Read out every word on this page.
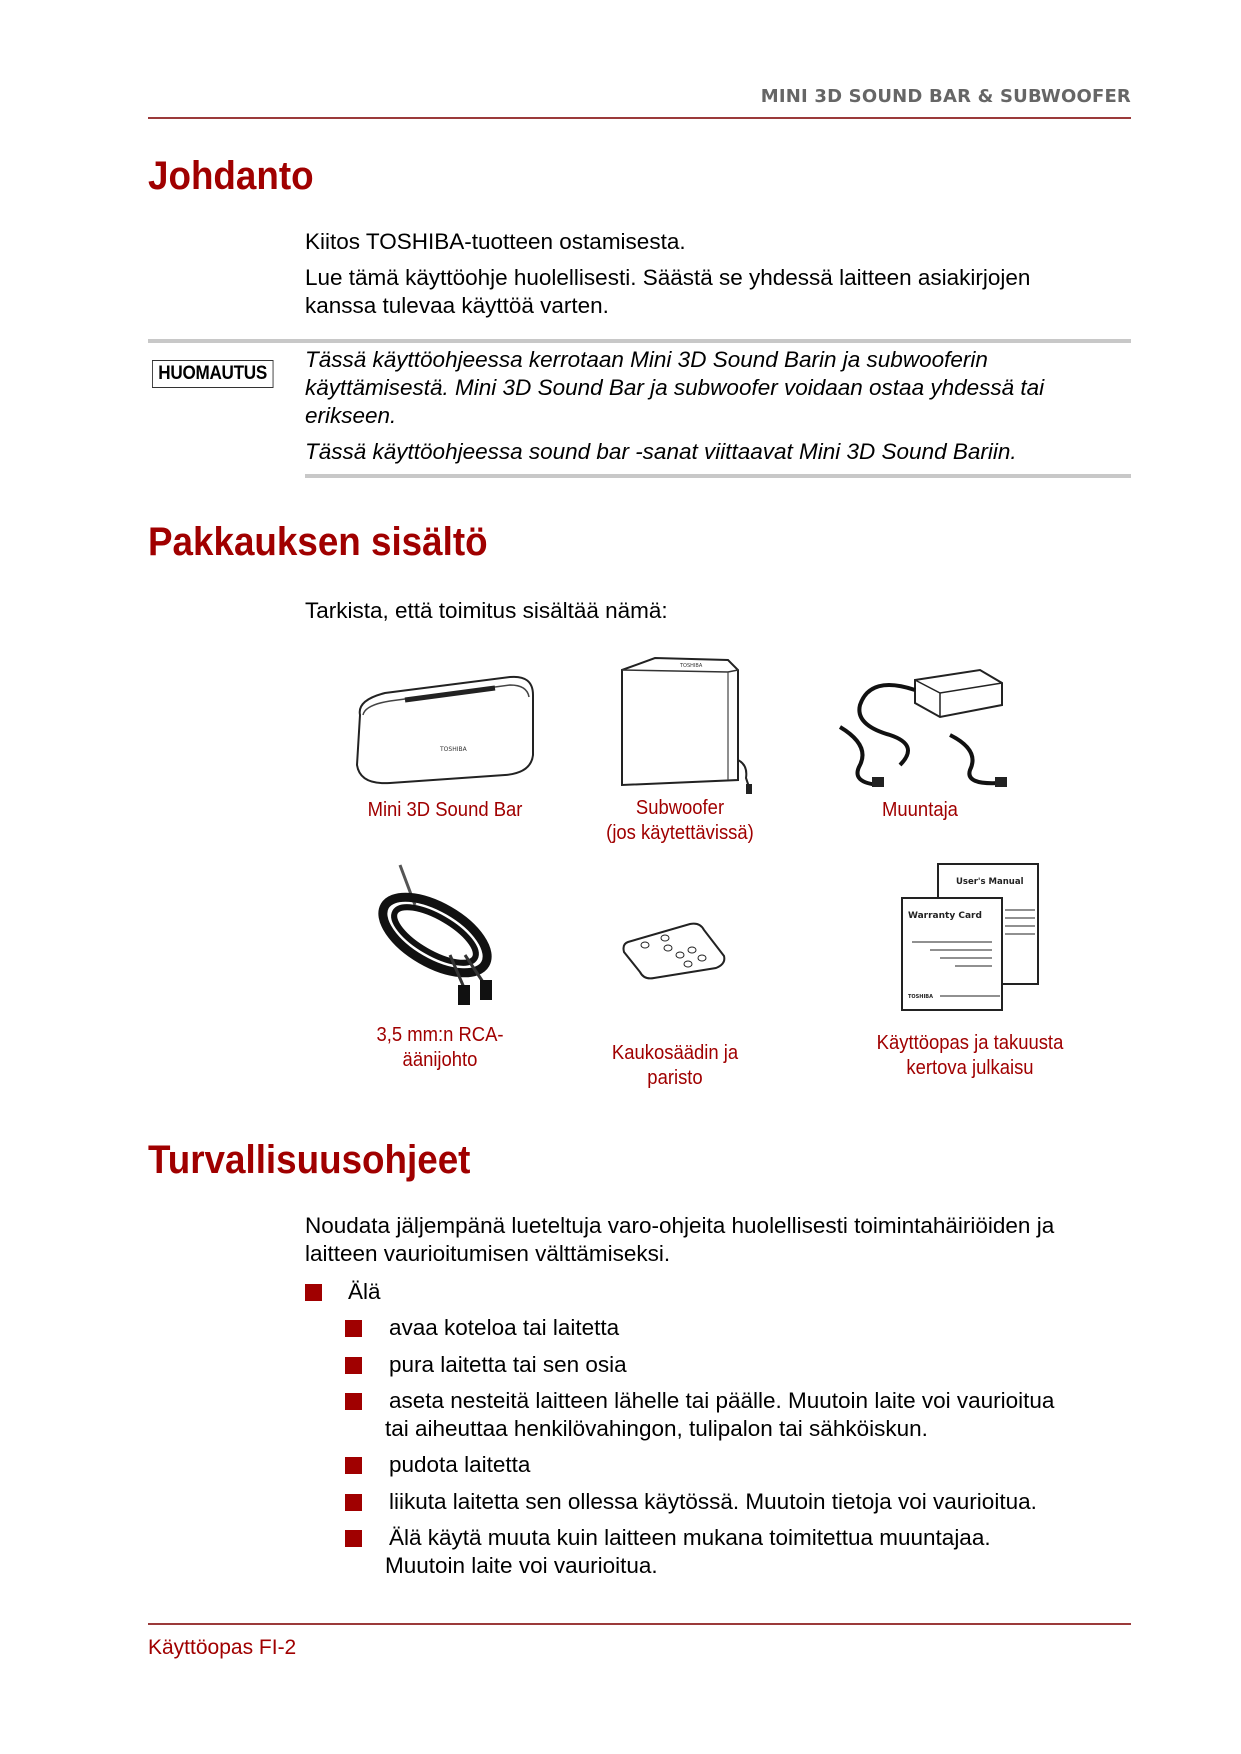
MINI 3D SOUND BAR & SUBWOOFER
Johdanto
Kiitos TOSHIBA-tuotteen ostamisesta.
Lue tämä käyttöohje huolellisesti. Säästä se yhdessä laitteen asiakirjojen
kanssa tulevaa käyttöä varten.
HUOMAUTUS
Tässä käyttöohjeessa kerrotaan Mini 3D Sound Barin ja subwooferin
käyttämisestä. Mini 3D Sound Bar ja subwoofer voidaan ostaa yhdessä tai
erikseen.
Tässä käyttöohjeessa sound bar -sanat viittaavat Mini 3D Sound Bariin.
Pakkauksen sisältö
Tarkista, että toimitus sisältää nämä:
TOSHIBA
Mini 3D Sound Bar
TOSHIBA
Subwoofer
(jos käytettävissä)
Muuntaja
3,5 mm:n RCA-äänijohto	Kaukosäädin ja
paristo
User's Manual
Warranty Card
TOSHIBA
Käyttöopas ja takuusta
kertova julkaisu
Turvallisuusohjeet
Noudata jäljempänä lueteltuja varo-ohjeita huolellisesti toimintahäiriöiden ja
laitteen vaurioitumisen välttämiseksi.
Älä
avaa koteloa tai laitetta
pura laitetta tai sen osia
aseta nesteitä laitteen lähelle tai päälle. Muutoin laite voi vaurioitua
tai aiheuttaa henkilövahingon, tulipalon tai sähköiskun.
pudota laitetta
liikuta laitetta sen ollessa käytössä. Muutoin tietoja voi vaurioitua.
Älä käytä muuta kuin laitteen mukana toimitettua muuntajaa.
Muutoin laite voi vaurioitua.
Käyttöopas FI-2
